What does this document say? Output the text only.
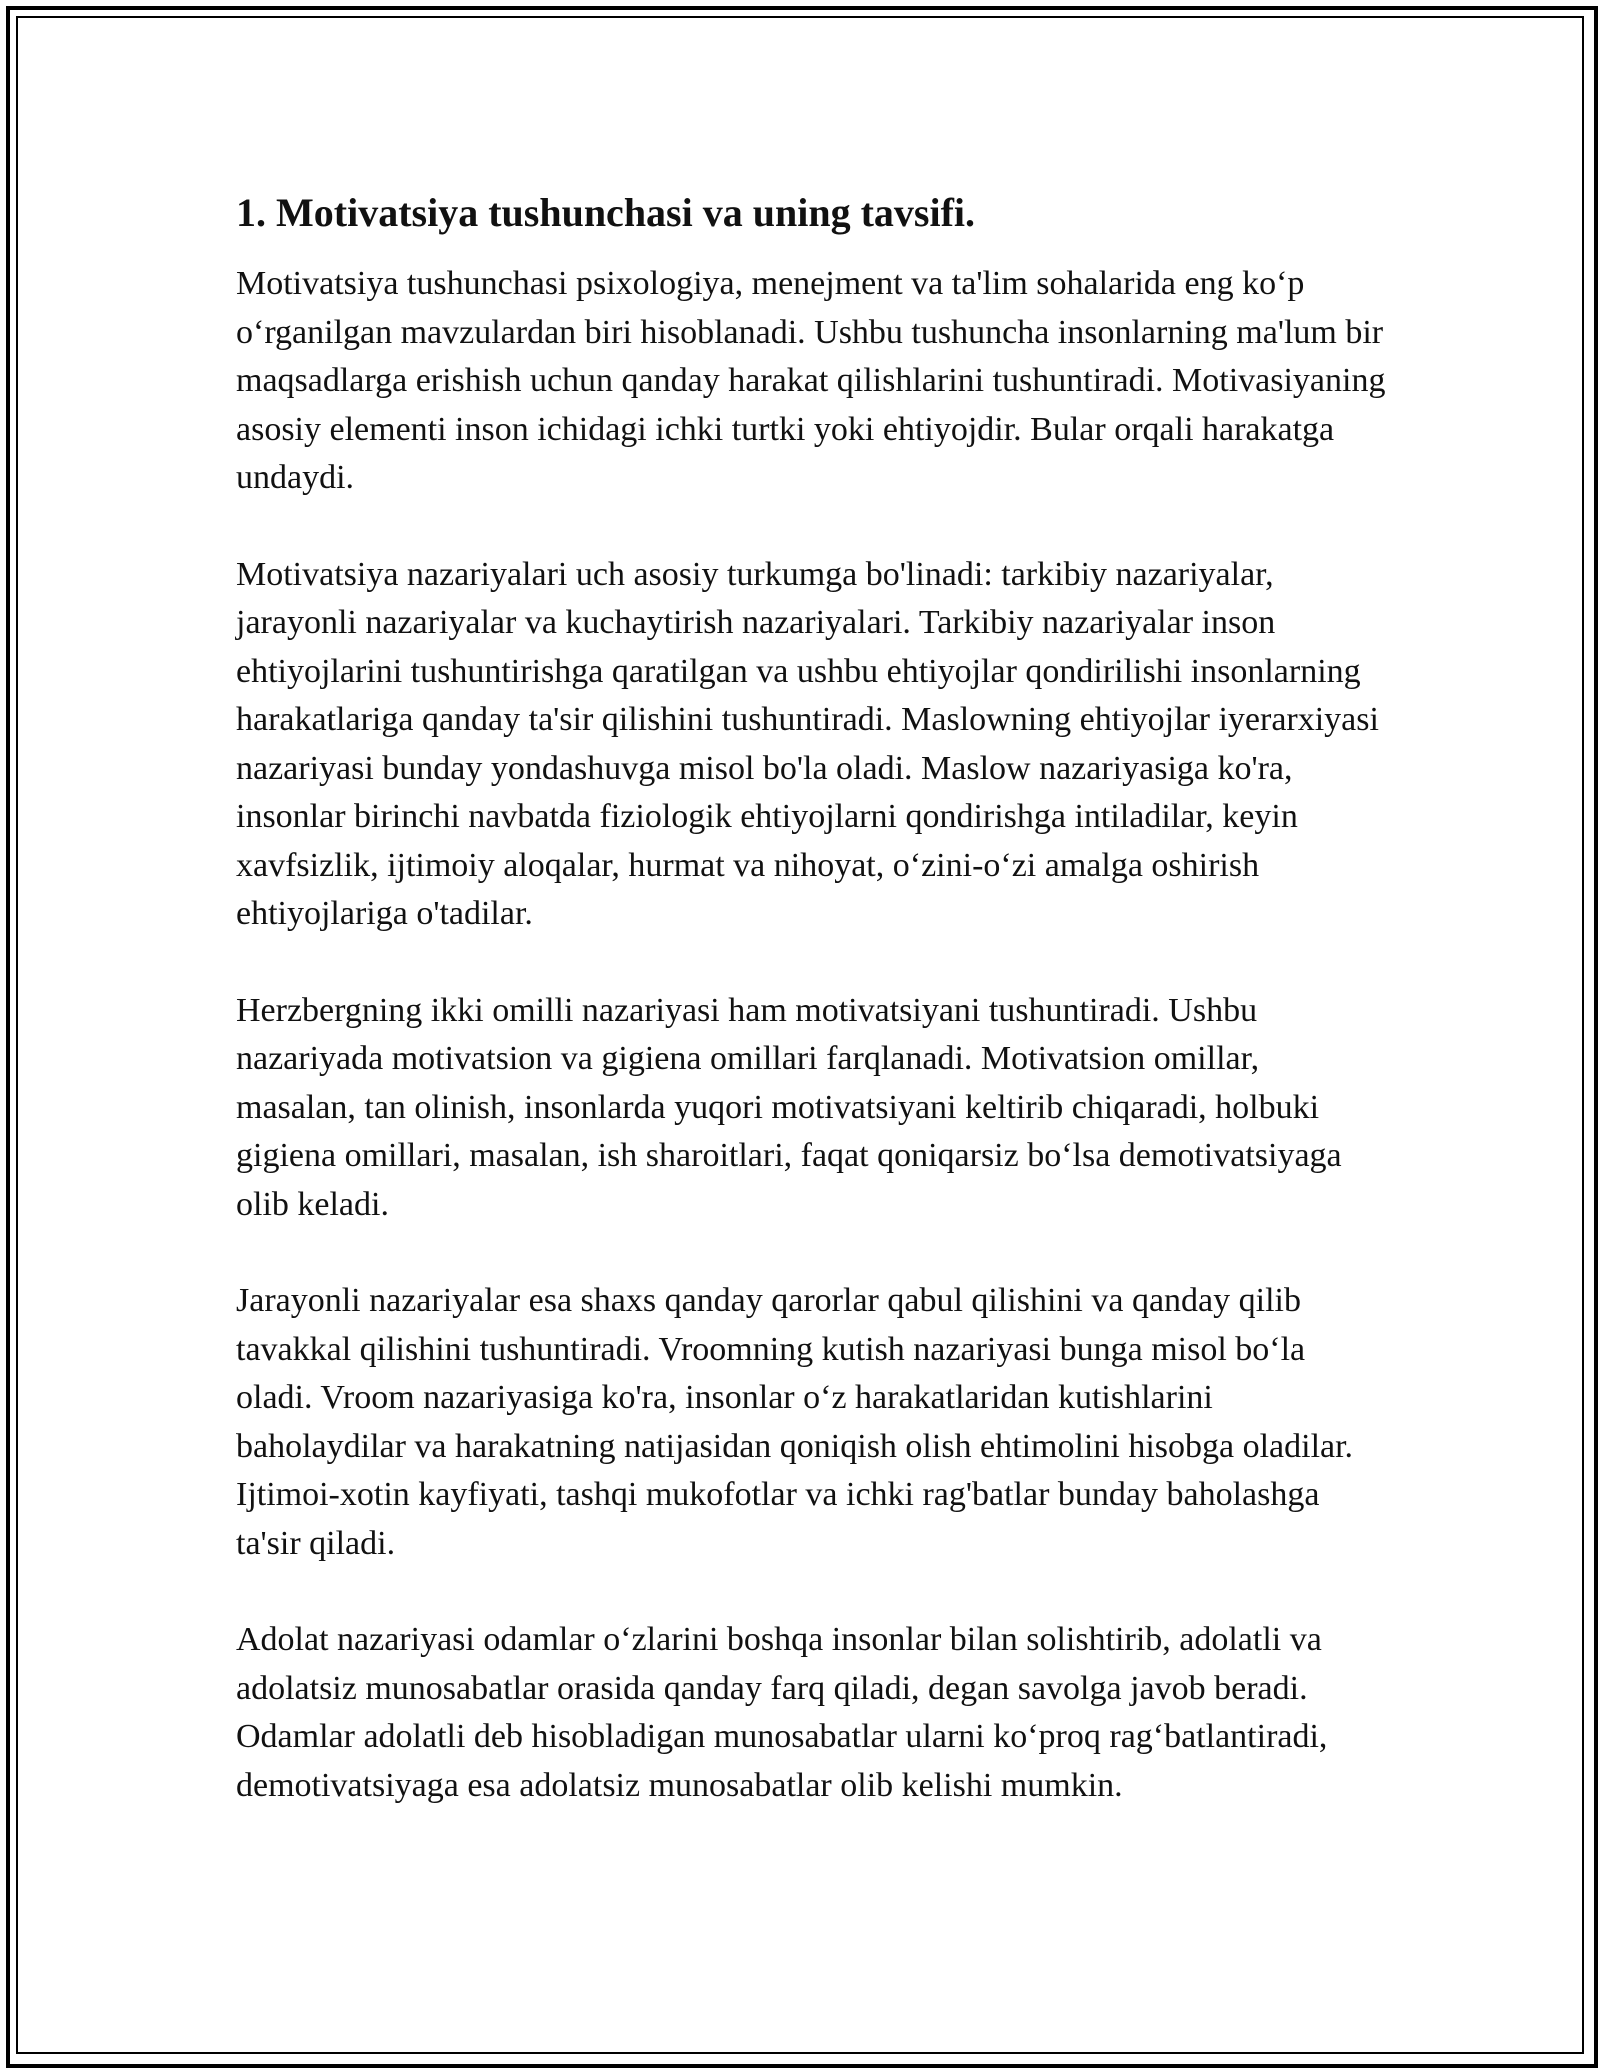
1. Motivatsiya tushunchasi va uning tavsifi.

Motivatsiya tushunchasi psixologiya, menejment va ta'lim sohalarida eng ko‘p o‘rganilgan mavzulardan biri hisoblanadi. Ushbu tushuncha insonlarning ma'lum bir maqsadlarga erishish uchun qanday harakat qilishlarini tushuntiradi. Motivasiyaning asosiy elementi inson ichidagi ichki turtki yoki ehtiyojdir. Bular orqali harakatga undaydi.

Motivatsiya nazariyalari uch asosiy turkumga bo'linadi: tarkibiy nazariyalar, jarayonli nazariyalar va kuchaytirish nazariyalari. Tarkibiy nazariyalar inson ehtiyojlarini tushuntirishga qaratilgan va ushbu ehtiyojlar qondirilishi insonlarning harakatlariga qanday ta'sir qilishini tushuntiradi. Maslowning ehtiyojlar iyerarxiyasi nazariyasi bunday yondashuvga misol bo'la oladi. Maslow nazariyasiga ko'ra, insonlar birinchi navbatda fiziologik ehtiyojlarni qondirishga intiladilar, keyin xavfsizlik, ijtimoiy aloqalar, hurmat va nihoyat, o‘zini-o‘zi amalga oshirish ehtiyojlariga o'tadilar.

Herzbergning ikki omilli nazariyasi ham motivatsiyani tushuntiradi. Ushbu nazariyada motivatsion va gigiena omillari farqlanadi. Motivatsion omillar, masalan, tan olinish, insonlarda yuqori motivatsiyani keltirib chiqaradi, holbuki gigiena omillari, masalan, ish sharoitlari, faqat qoniqarsiz bo‘lsa demotivatsiyaga olib keladi.

Jarayonli nazariyalar esa shaxs qanday qarorlar qabul qilishini va qanday qilib tavakkal qilishini tushuntiradi. Vroomning kutish nazariyasi bunga misol bo‘la oladi. Vroom nazariyasiga ko'ra, insonlar o‘z harakatlaridan kutishlarini baholaydilar va harakatning natijasidan qoniqish olish ehtimolini hisobga oladilar. Ijtimoi-xotin kayfiyati, tashqi mukofotlar va ichki rag'batlar bunday baholashga ta'sir qiladi.

Adolat nazariyasi odamlar o‘zlarini boshqa insonlar bilan solishtirib, adolatli va adolatsiz munosabatlar orasida qanday farq qiladi, degan savolga javob beradi. Odamlar adolatli deb hisobladigan munosabatlar ularni ko‘proq rag‘batlantiradi, demotivatsiyaga esa adolatsiz munosabatlar olib kelishi mumkin.
